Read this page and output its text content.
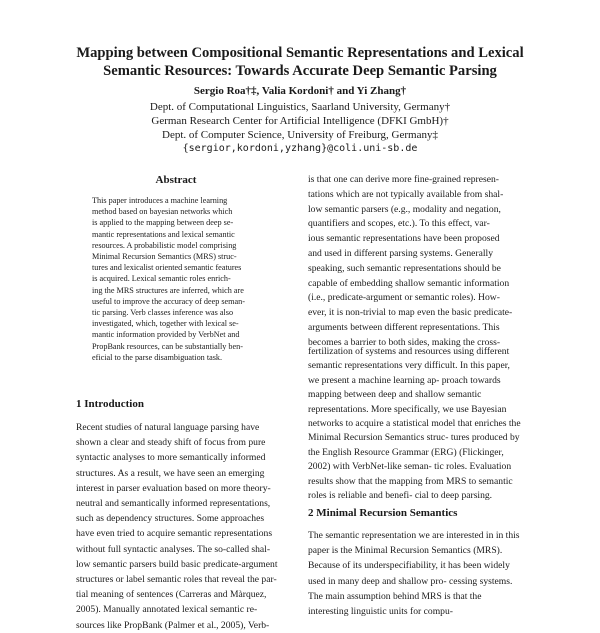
Mapping between Compositional Semantic Representations and Lexical
Semantic Resources: Towards Accurate Deep Semantic Parsing
Sergio Roa†‡, Valia Kordoni† and Yi Zhang†
Dept. of Computational Linguistics, Saarland University, Germany†
German Research Center for Artificial Intelligence (DFKI GmbH)†
Dept. of Computer Science, University of Freiburg, Germany‡
{sergior,kordoni,yzhang}@coli.uni-sb.de
Abstract
This paper introduces a machine learning
method based on bayesian networks which
is applied to the mapping between deep se-
mantic representations and lexical semantic
resources. A probabilistic model comprising
Minimal Recursion Semantics (MRS) struc-
tures and lexicalist oriented semantic features
is acquired. Lexical semantic roles enrich-
ing the MRS structures are inferred, which are
useful to improve the accuracy of deep seman-
tic parsing. Verb classes inference was also
investigated, which, together with lexical se-
mantic information provided by VerbNet and
PropBank resources, can be substantially ben-
eficial to the parse disambiguation task.
1 Introduction
Recent studies of natural language parsing have
shown a clear and steady shift of focus from pure
syntactic analyses to more semantically informed
structures. As a result, we have seen an emerging
interest in parser evaluation based on more theory-
neutral and semantically informed representations,
such as dependency structures. Some approaches
have even tried to acquire semantic representations
without full syntactic analyses. The so-called shal-
low semantic parsers build basic predicate-argument
structures or label semantic roles that reveal the par-
tial meaning of sentences (Carreras and Màrquez,
2005). Manually annotated lexical semantic re-
sources like PropBank (Palmer et al., 2005), Verb-
is that one can derive more fine-grained represen-
tations which are not typically available from shal-
low semantic parsers (e.g., modality and negation,
quantifiers and scopes, etc.). To this effect, var-
ious semantic representations have been proposed
and used in different parsing systems. Generally
speaking, such semantic representations should be
capable of embedding shallow semantic information
(i.e., predicate-argument or semantic roles). How-
ever, it is non-trivial to map even the basic predicate-
arguments between different representations. This
becomes a barrier to both sides, making the cross-
fertilization of systems and resources using different semantic representations very difficult. In this paper, we present a machine learning ap- proach towards mapping between deep and shallow semantic representations. More specifically, we use Bayesian networks to acquire a statistical model that enriches the Minimal Recursion Semantics struc- tures produced by the English Resource Grammar (ERG) (Flickinger, 2002) with VerbNet-like seman- tic roles. Evaluation results show that the mapping from MRS to semantic roles is reliable and benefi- cial to deep parsing.
2 Minimal Recursion Semantics
The semantic representation we are interested in in this paper is the Minimal Recursion Semantics (MRS). Because of its underspecifiability, it has been widely used in many deep and shallow pro- cessing systems. The main assumption behind MRS is that the interesting linguistic units for compu-
